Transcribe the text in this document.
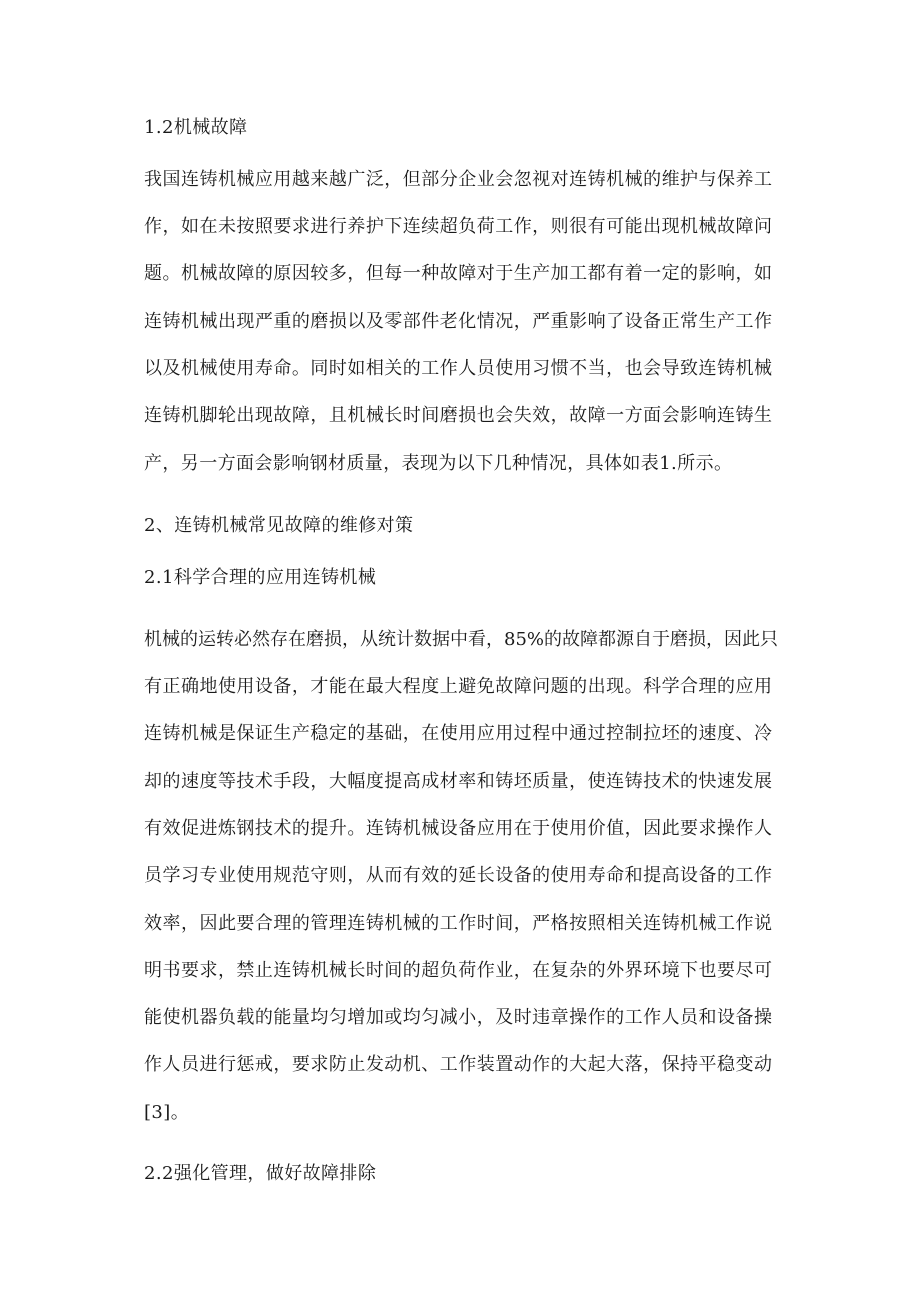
1.2机械故障
我国连铸机械应用越来越广泛，但部分企业会忽视对连铸机械的维护与保养工
作，如在未按照要求进行养护下连续超负荷工作，则很有可能出现机械故障问
题。机械故障的原因较多，但每一种故障对于生产加工都有着一定的影响，如
连铸机械出现严重的磨损以及零部件老化情况，严重影响了设备正常生产工作
以及机械使用寿命。同时如相关的工作人员使用习惯不当，也会导致连铸机械
连铸机脚轮出现故障，且机械长时间磨损也会失效，故障一方面会影响连铸生
产，另一方面会影响钢材质量，表现为以下几种情况，具体如表1.所示。
2、连铸机械常见故障的维修对策
2.1科学合理的应用连铸机械
机械的运转必然存在磨损，从统计数据中看，85%的故障都源自于磨损，因此只
有正确地使用设备，才能在最大程度上避免故障问题的出现。科学合理的应用
连铸机械是保证生产稳定的基础，在使用应用过程中通过控制拉坯的速度、冷
却的速度等技术手段，大幅度提高成材率和铸坯质量，使连铸技术的快速发展
有效促进炼钢技术的提升。连铸机械设备应用在于使用价值，因此要求操作人
员学习专业使用规范守则，从而有效的延长设备的使用寿命和提高设备的工作
效率，因此要合理的管理连铸机械的工作时间，严格按照相关连铸机械工作说
明书要求，禁止连铸机械长时间的超负荷作业，在复杂的外界环境下也要尽可
能使机器负载的能量均匀增加或均匀减小，及时违章操作的工作人员和设备操
作人员进行惩戒，要求防止发动机、工作装置动作的大起大落，保持平稳变动
[3]。
2.2强化管理，做好故障排除
